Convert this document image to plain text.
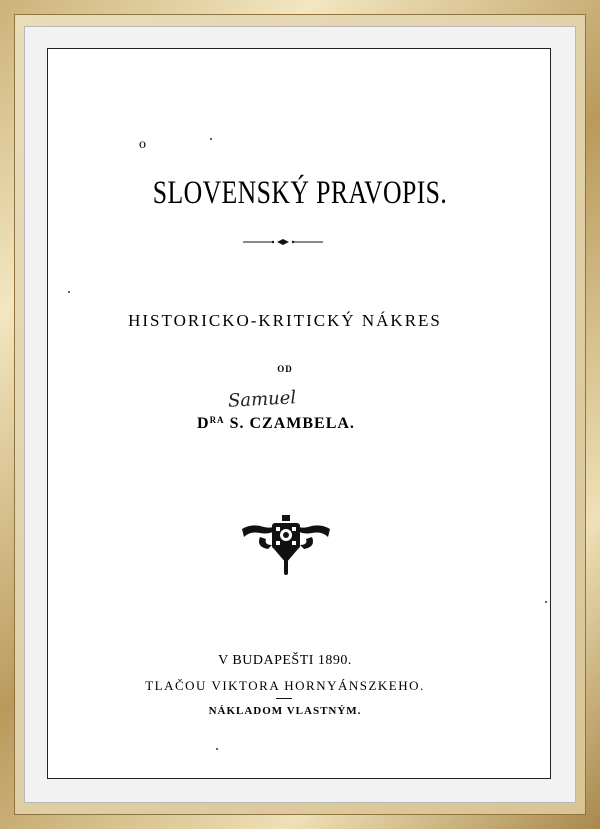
o
SLOVENSKÝ PRAVOPIS.
HISTORICKO-KRITICKÝ NÁKRES
OD
Samuel
$D^{RA}$ S. CZAMBELA.
V BUDAPEŠTI 1890.
TLAČOU VIKTORA HORNYÁNSZKEHO.
NÁKLADOM VLASTNÝM.
